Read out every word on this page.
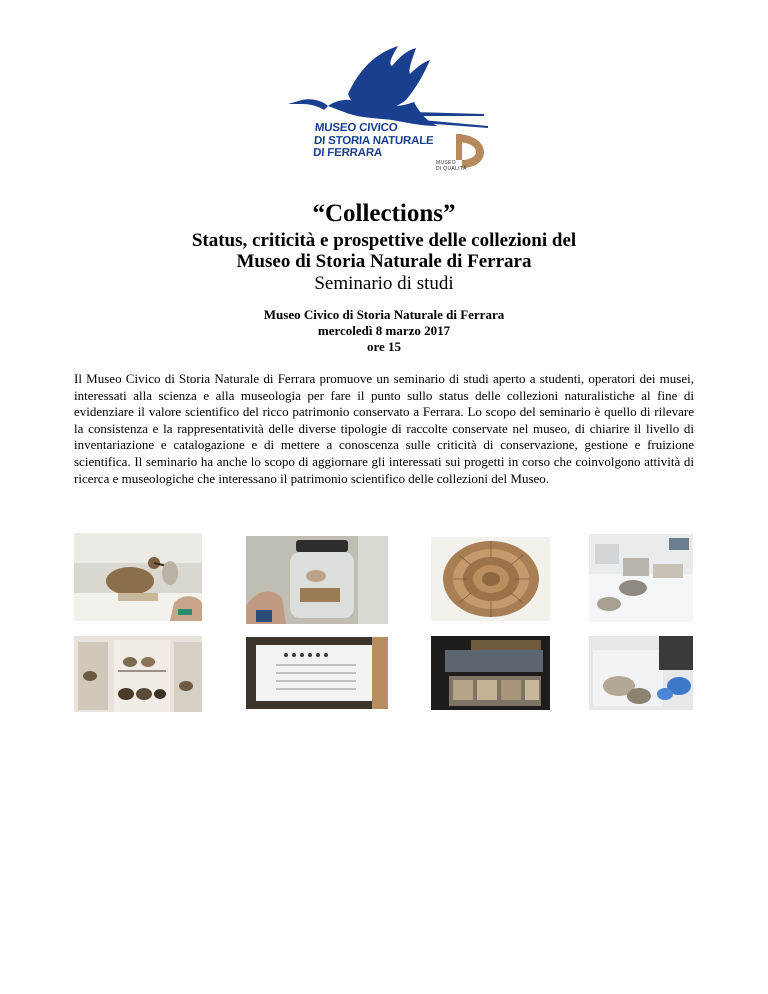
MUSEO CIVICO
DI STORIA NATURALE
DI FERRARA
MUSEO
DI QUALITÀ
“Collections”
Status, criticità e prospettive delle collezioni del
Museo di Storia Naturale di Ferrara
Seminario di studi
Museo Civico di Storia Naturale di Ferrara
mercoledì 8 marzo 2017
ore 15
Il Museo Civico di Storia Naturale di Ferrara promuove un seminario di studi aperto a studenti, operatori dei musei, interessati alla scienza e alla museologia per fare il punto sullo status delle collezioni naturalistiche al fine di evidenziare il valore scientifico del ricco patrimonio conservato a Ferrara. Lo scopo del seminario è quello di rilevare la consistenza e la rappresentatività delle diverse tipologie di raccolte conservate nel museo, di chiarire il livello di inventariazione e catalogazione e di mettere a conoscenza sulle criticità di conservazione, gestione e fruizione scientifica. Il seminario ha anche lo scopo di aggiornare gli interessati sui progetti in corso che coinvolgono attività di ricerca e museologiche che interessano il patrimonio scientifico delle collezioni del Museo.
